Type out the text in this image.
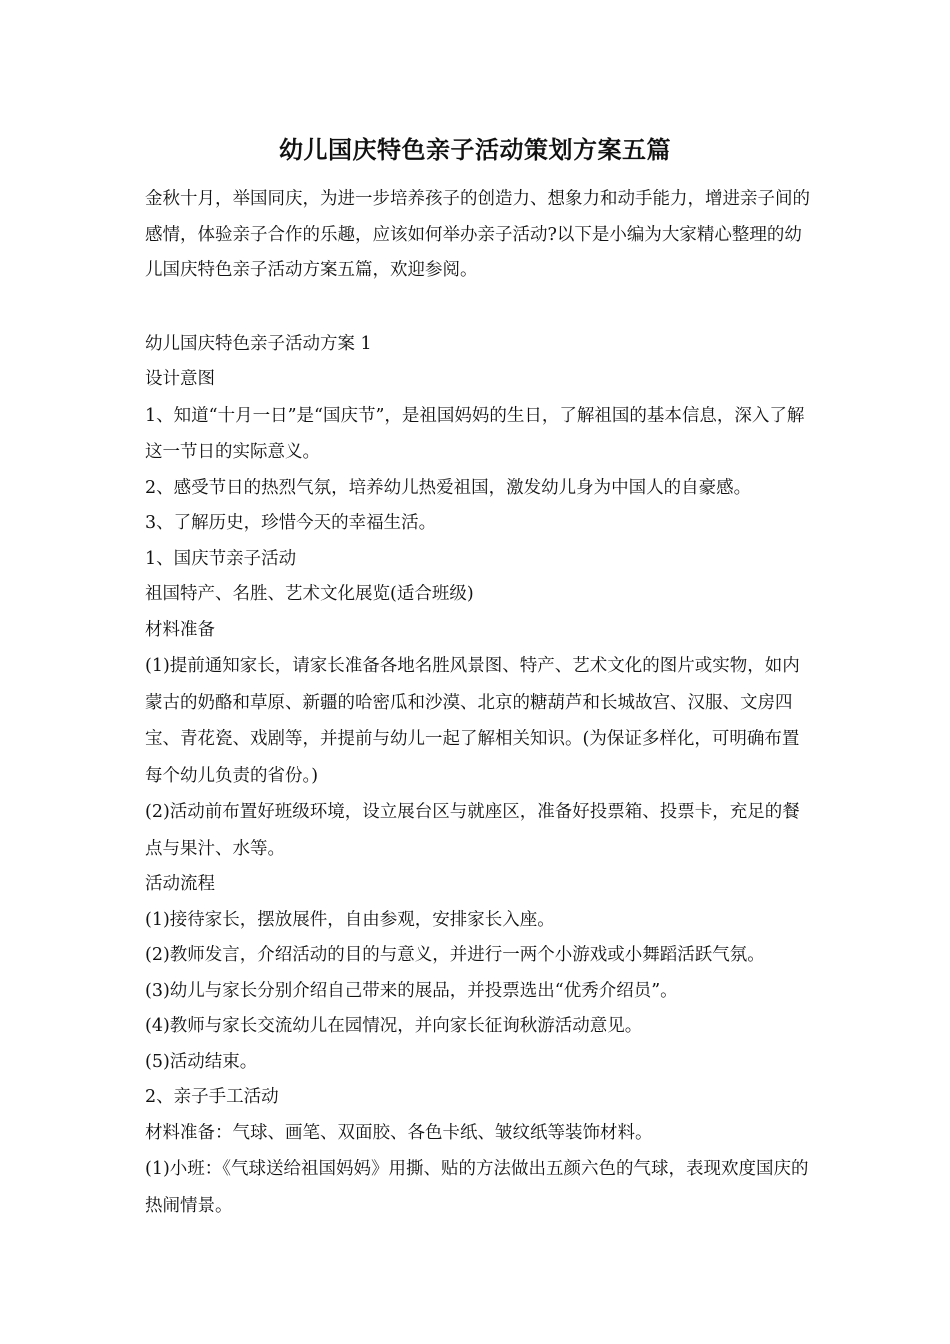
幼儿国庆特色亲子活动策划方案五篇

金秋十月，举国同庆，为进一步培养孩子的创造力、想象力和动手能力，增进亲子间的感情，体验亲子合作的乐趣，应该如何举办亲子活动?以下是小编为大家精心整理的幼儿国庆特色亲子活动方案五篇，欢迎参阅。

幼儿国庆特色亲子活动方案 1

设计意图

1、知道“十月一日”是“国庆节”，是祖国妈妈的生日，了解祖国的基本信息，深入了解这一节日的实际意义。

2、感受节日的热烈气氛，培养幼儿热爱祖国，激发幼儿身为中国人的自豪感。

3、了解历史，珍惜今天的幸福生活。

1、国庆节亲子活动

祖国特产、名胜、艺术文化展览(适合班级)

材料准备

(1)提前通知家长，请家长准备各地名胜风景图、特产、艺术文化的图片或实物，如内蒙古的奶酪和草原、新疆的哈密瓜和沙漠、北京的糖葫芦和长城故宫、汉服、文房四宝、青花瓷、戏剧等，并提前与幼儿一起了解相关知识。(为保证多样化，可明确布置每个幼儿负责的省份。)

(2)活动前布置好班级环境，设立展台区与就座区，准备好投票箱、投票卡，充足的餐点与果汁、水等。

活动流程

(1)接待家长，摆放展件，自由参观，安排家长入座。

(2)教师发言，介绍活动的目的与意义，并进行一两个小游戏或小舞蹈活跃气氛。

(3)幼儿与家长分别介绍自己带来的展品，并投票选出“优秀介绍员”。

(4)教师与家长交流幼儿在园情况，并向家长征询秋游活动意见。

(5)活动结束。

2、亲子手工活动

材料准备：气球、画笔、双面胶、各色卡纸、皱纹纸等装饰材料。

(1)小班：《气球送给祖国妈妈》用撕、贴的方法做出五颜六色的气球，表现欢度国庆的热闹情景。
